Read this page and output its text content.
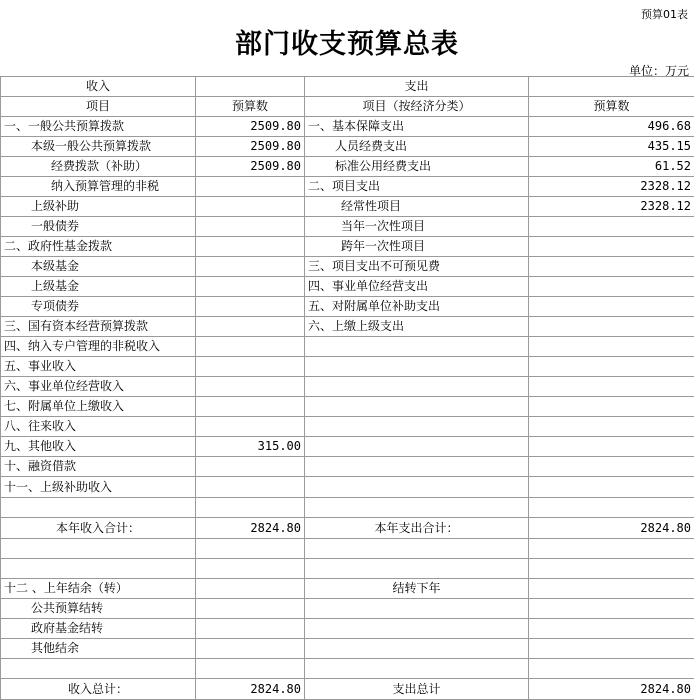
预算01表
部门收支预算总表
单位：万元
收入		支出	
项目	预算数	项目（按经济分类）	预算数
一、一般公共预算拨款	2509.80	一、基本保障支出	496.68
本级一般公共预算拨款	2509.80	人员经费支出	435.15
经费拨款（补助）	2509.80	标准公用经费支出	61.52
纳入预算管理的非税		二、项目支出	2328.12
上级补助		经常性项目	2328.12
一般债券		当年一次性项目	
二、政府性基金拨款		跨年一次性项目	
本级基金		三、项目支出不可预见费	
上级基金		四、事业单位经营支出	
专项债券		五、对附属单位补助支出	
三、国有资本经营预算拨款		六、上缴上级支出	
四、纳入专户管理的非税收入			
五、事业收入			
六、事业单位经营收入			
七、附属单位上缴收入			
八、往来收入			
九、其他收入	315.00		
十、融资借款			
十一、上级补助收入			

本年收入合计：	2824.80	本年支出合计：	2824.80

十二 、上年结余（转）		结转下年	
公共预算结转			
政府基金结转			
其他结余			

收入总计：	2824.80	支出总计	2824.80
